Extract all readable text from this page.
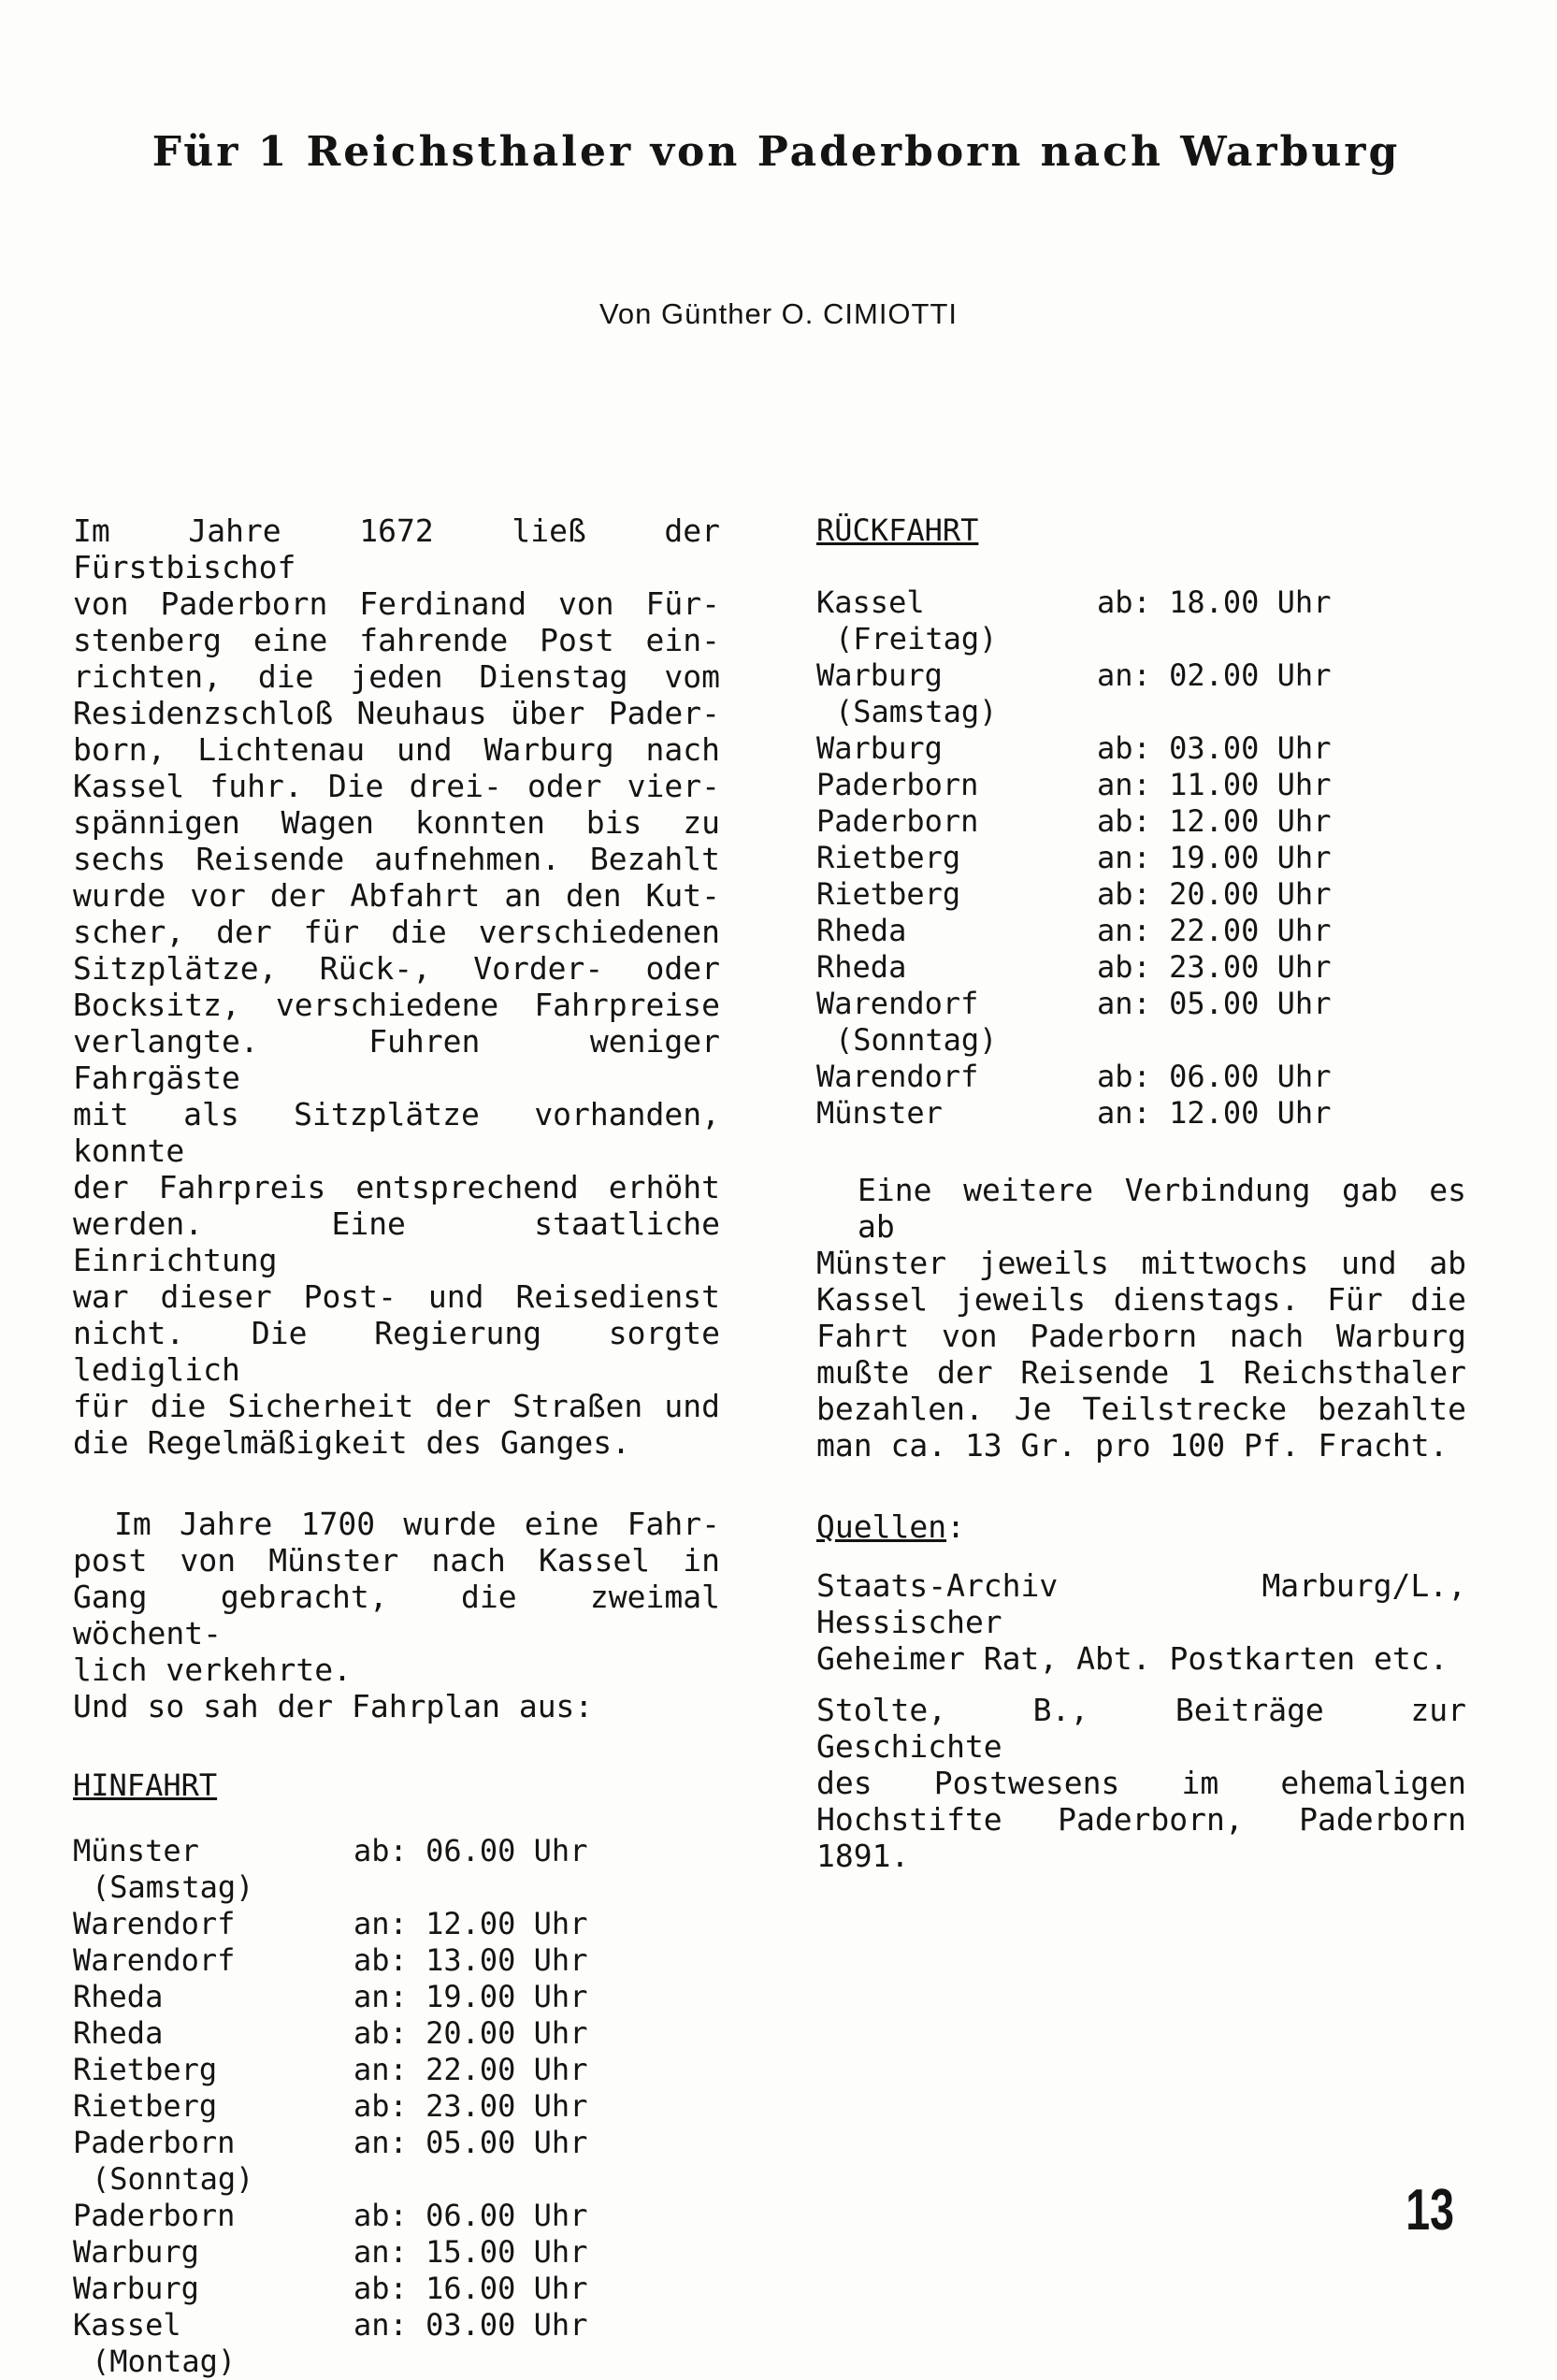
Für 1 Reichsthaler von Paderborn nach Warburg
Von Günther O. CIMIOTTI
Im Jahre 1672 ließ der Fürstbischof
von Paderborn Ferdinand von Für-
stenberg eine fahrende Post ein-
richten, die jeden Dienstag vom
Residenzschloß Neuhaus über Pader-
born, Lichtenau und Warburg nach
Kassel fuhr. Die drei- oder vier-
spännigen Wagen konnten bis zu
sechs Reisende aufnehmen. Bezahlt
wurde vor der Abfahrt an den Kut-
scher, der für die verschiedenen
Sitzplätze, Rück-, Vorder- oder
Bocksitz, verschiedene Fahrpreise
verlangte. Fuhren weniger Fahrgäste
mit als Sitzplätze vorhanden, konnte
der Fahrpreis entsprechend erhöht
werden. Eine staatliche Einrichtung
war dieser Post- und Reisedienst
nicht. Die Regierung sorgte lediglich
für die Sicherheit der Straßen und
die Regelmäßigkeit des Ganges.
Im Jahre 1700 wurde eine Fahr-
post von Münster nach Kassel in
Gang gebracht, die zweimal wöchent-
lich verkehrte.
Und so sah der Fahrplan aus:

HINFAHRT

Münster	ab: 06.00 Uhr
(Samstag)	
Warendorf	an: 12.00 Uhr
Warendorf	ab: 13.00 Uhr
Rheda	an: 19.00 Uhr
Rheda	ab: 20.00 Uhr
Rietberg	an: 22.00 Uhr
Rietberg	ab: 23.00 Uhr
Paderborn	an: 05.00 Uhr
(Sonntag)	
Paderborn	ab: 06.00 Uhr
Warburg	an: 15.00 Uhr
Warburg	ab: 16.00 Uhr
Kassel	an: 03.00 Uhr
(Montag)	

RÜCKFAHRT

Kassel	ab: 18.00 Uhr
(Freitag)	
Warburg	an: 02.00 Uhr
(Samstag)	
Warburg	ab: 03.00 Uhr
Paderborn	an: 11.00 Uhr
Paderborn	ab: 12.00 Uhr
Rietberg	an: 19.00 Uhr
Rietberg	ab: 20.00 Uhr
Rheda	an: 22.00 Uhr
Rheda	ab: 23.00 Uhr
Warendorf	an: 05.00 Uhr
(Sonntag)	
Warendorf	ab: 06.00 Uhr
Münster	an: 12.00 Uhr
Eine weitere Verbindung gab es ab
Münster jeweils mittwochs und ab
Kassel jeweils dienstags. Für die
Fahrt von Paderborn nach Warburg
mußte der Reisende 1 Reichsthaler
bezahlen. Je Teilstrecke bezahlte
man ca. 13 Gr. pro 100 Pf. Fracht.

Quellen:

Staats-Archiv Marburg/L., Hessischer
Geheimer Rat, Abt. Postkarten etc.
Stolte, B., Beiträge zur Geschichte
des Postwesens im ehemaligen
Hochstifte Paderborn, Paderborn
1891.
13
